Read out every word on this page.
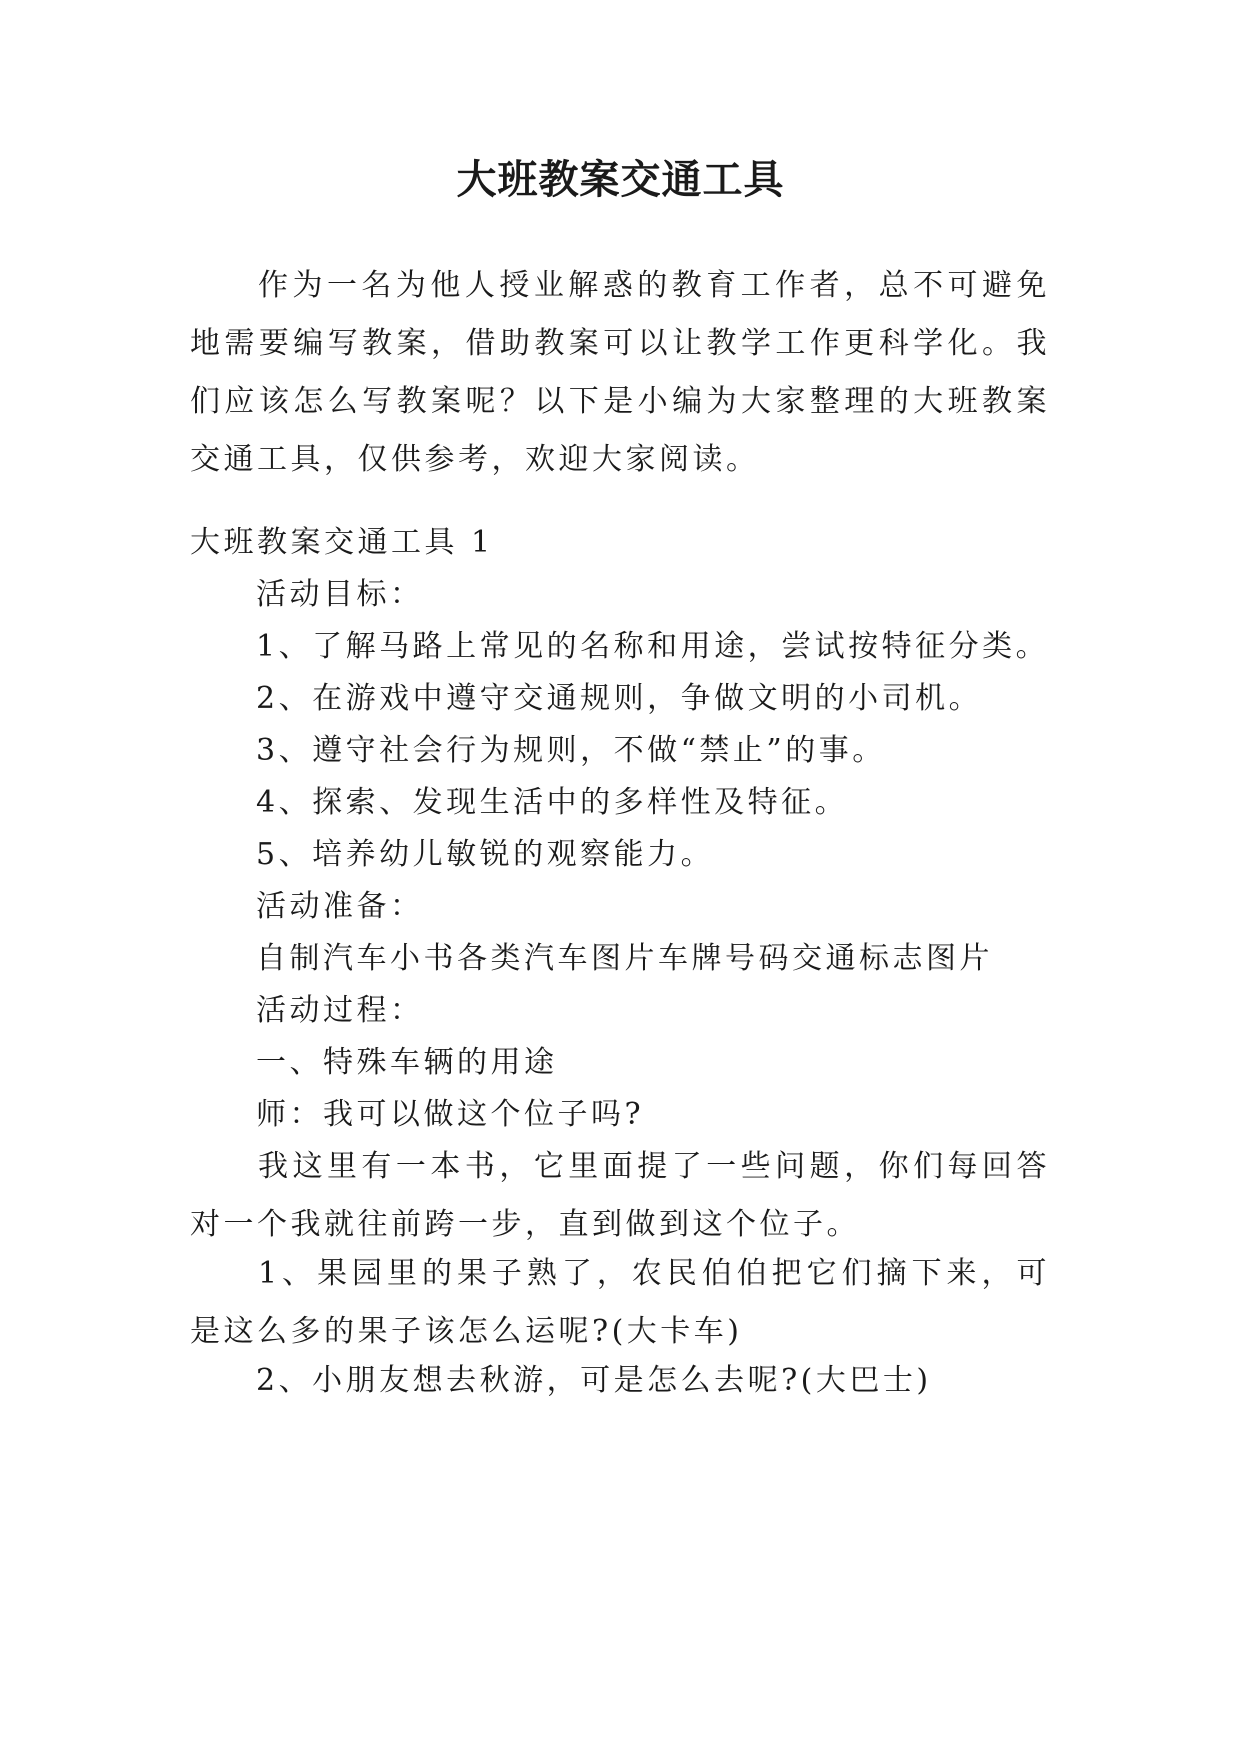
大班教案交通工具
作为一名为他人授业解惑的教育工作者，总不可避免地需要编写教案，借助教案可以让教学工作更科学化。我们应该怎么写教案呢？以下是小编为大家整理的大班教案交通工具，仅供参考，欢迎大家阅读。
大班教案交通工具 1
活动目标：
1、了解马路上常见的名称和用途，尝试按特征分类。
2、在游戏中遵守交通规则，争做文明的小司机。
3、遵守社会行为规则，不做“禁止”的事。
4、探索、发现生活中的多样性及特征。
5、培养幼儿敏锐的观察能力。
活动准备：
自制汽车小书各类汽车图片车牌号码交通标志图片
活动过程：
一、特殊车辆的用途
师：我可以做这个位子吗?
我这里有一本书，它里面提了一些问题，你们每回答对一个我就往前跨一步，直到做到这个位子。
1、果园里的果子熟了，农民伯伯把它们摘下来，可是这么多的果子该怎么运呢?(大卡车)
2、小朋友想去秋游，可是怎么去呢?(大巴士)
